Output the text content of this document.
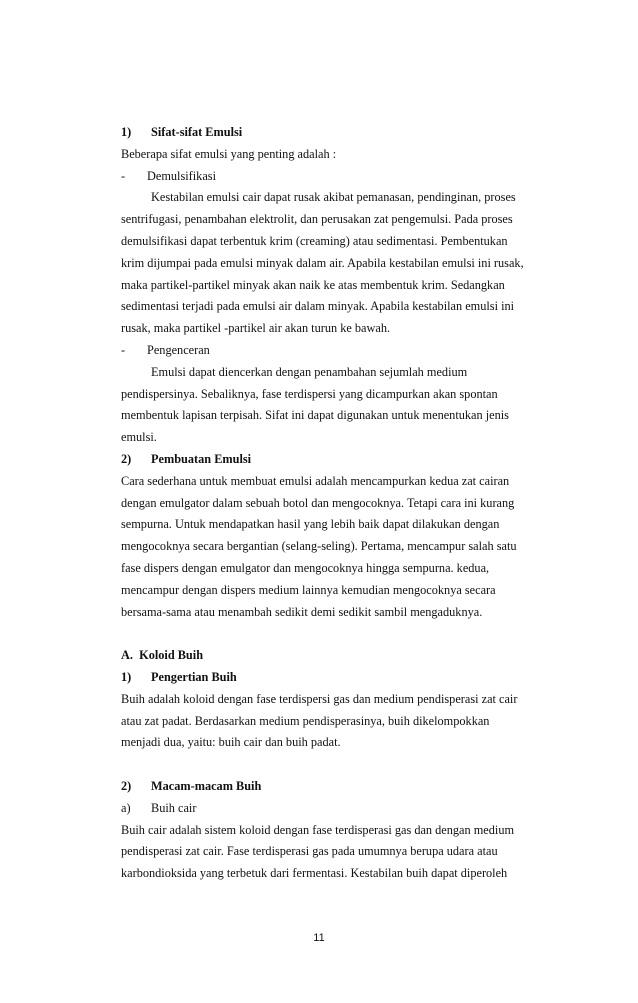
1) Sifat-sifat Emulsi
Beberapa sifat emulsi yang penting adalah :
- Demulsifikasi
Kestabilan emulsi cair dapat rusak akibat pemanasan, pendinginan, proses
sentrifugasi, penambahan elektrolit, dan perusakan zat pengemulsi. Pada proses
demulsifikasi dapat terbentuk krim (creaming) atau sedimentasi. Pembentukan
krim dijumpai pada emulsi minyak dalam air. Apabila kestabilan emulsi ini rusak,
maka partikel-partikel minyak akan naik ke atas membentuk krim. Sedangkan
sedimentasi terjadi pada emulsi air dalam minyak. Apabila kestabilan emulsi ini
rusak, maka partikel -partikel air akan turun ke bawah.
- Pengenceran
Emulsi dapat diencerkan dengan penambahan sejumlah medium
pendispersinya. Sebaliknya, fase terdispersi yang dicampurkan akan spontan
membentuk lapisan terpisah. Sifat ini dapat digunakan untuk menentukan jenis
emulsi.
2) Pembuatan Emulsi
Cara sederhana untuk membuat emulsi adalah mencampurkan kedua zat cairan
dengan emulgator dalam sebuah botol dan mengocoknya. Tetapi cara ini kurang
sempurna. Untuk mendapatkan hasil yang lebih baik dapat dilakukan dengan
mengocoknya secara bergantian (selang-seling). Pertama, mencampur salah satu
fase dispers dengan emulgator dan mengocoknya hingga sempurna. kedua,
mencampur dengan dispers medium lainnya kemudian mengocoknya secara
bersama-sama atau menambah sedikit demi sedikit sambil mengaduknya.
A. Koloid Buih
1) Pengertian Buih
Buih adalah koloid dengan fase terdispersi gas dan medium pendisperasi zat cair
atau zat padat. Berdasarkan medium pendisperasinya, buih dikelompokkan
menjadi dua, yaitu: buih cair dan buih padat.
2) Macam-macam Buih
a) Buih cair
Buih cair adalah sistem koloid dengan fase terdisperasi gas dan dengan medium
pendisperasi zat cair. Fase terdisperasi gas pada umumnya berupa udara atau
karbondioksida yang terbetuk dari fermentasi. Kestabilan buih dapat diperoleh
11
